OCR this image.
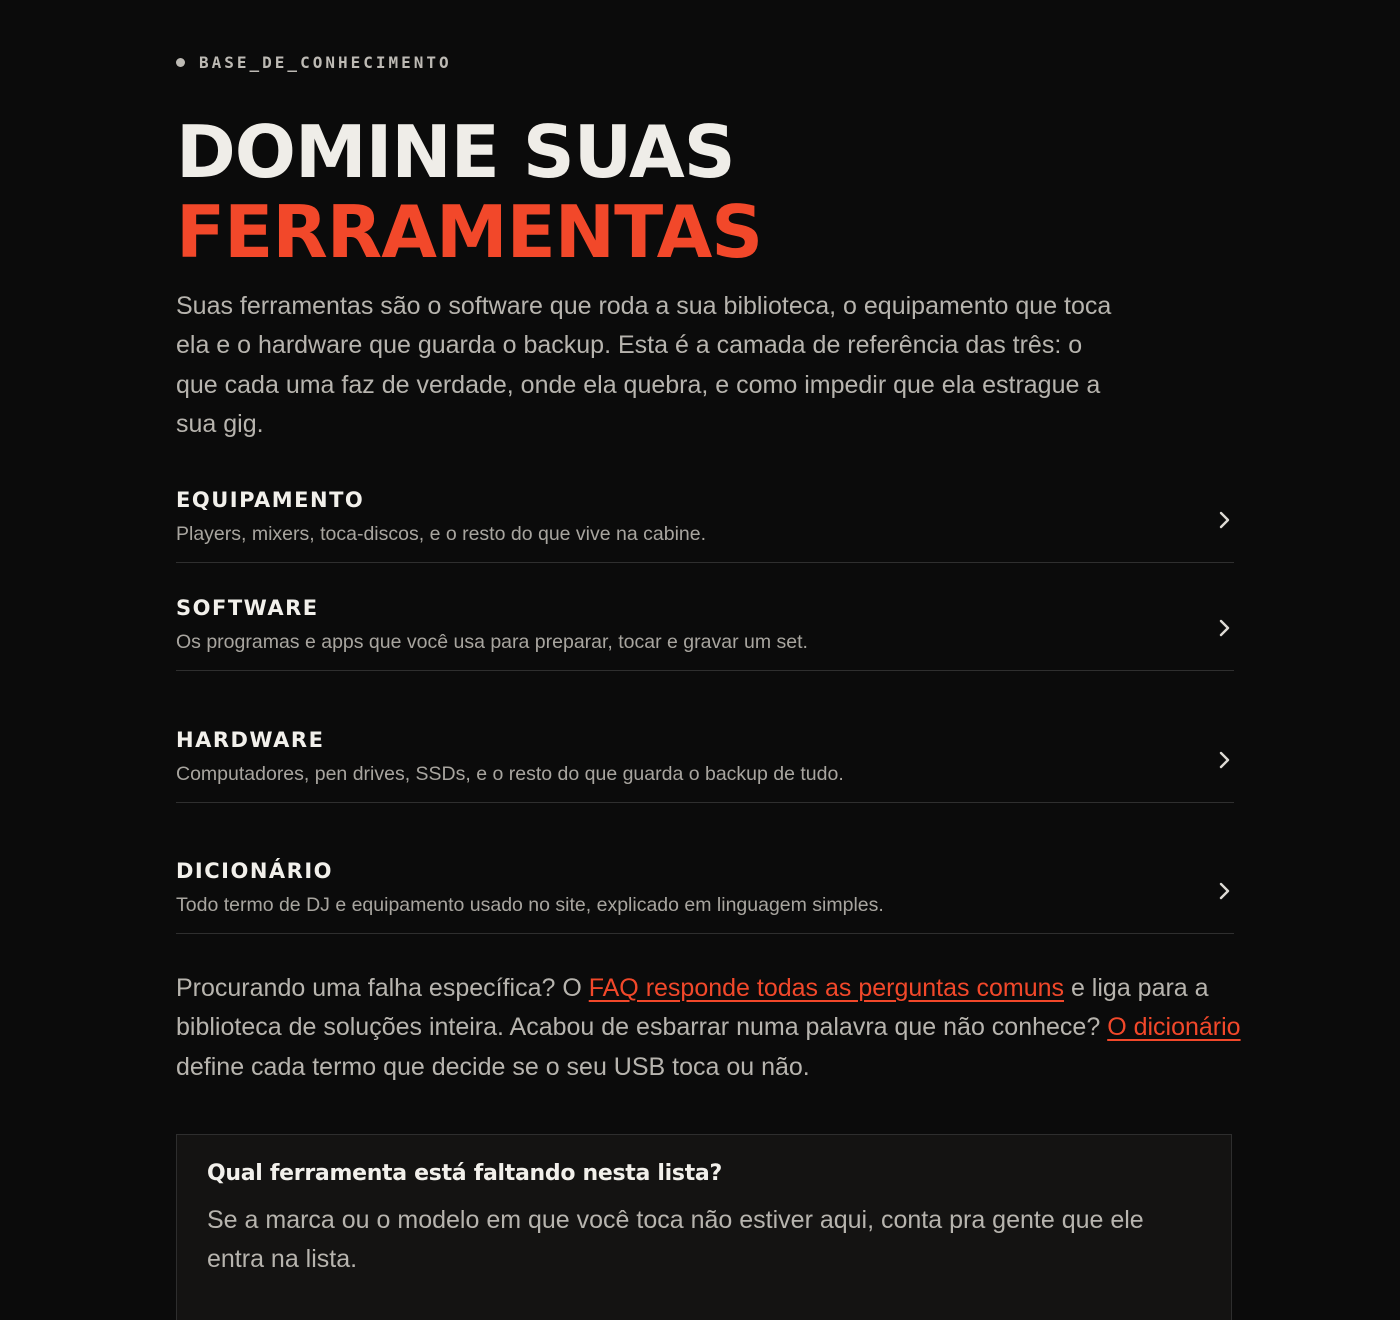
BASE_DE_CONHECIMENTO
DOMINE SUAS
FERRAMENTAS

Suas ferramentas são o software que roda a sua biblioteca, o equipamento que toca ela e o hardware que guarda o backup. Esta é a camada de referência das três: o que cada uma faz de verdade, onde ela quebra, e como impedir que ela estrague a sua gig.

EQUIPAMENTO
Players, mixers, toca-discos, e o resto do que vive na cabine.
SOFTWARE
Os programas e apps que você usa para preparar, tocar e gravar um set.
HARDWARE
Computadores, pen drives, SSDs, e o resto do que guarda o backup de tudo.
DICIONÁRIO
Todo termo de DJ e equipamento usado no site, explicado em linguagem simples.

Procurando uma falha específica? O FAQ responde todas as perguntas comuns e liga para a biblioteca de soluções inteira. Acabou de esbarrar numa palavra que não conhece? O dicionário define cada termo que decide se o seu USB toca ou não.

Qual ferramenta está faltando nesta lista?

Se a marca ou o modelo em que você toca não estiver aqui, conta pra gente que ele entra na lista.
